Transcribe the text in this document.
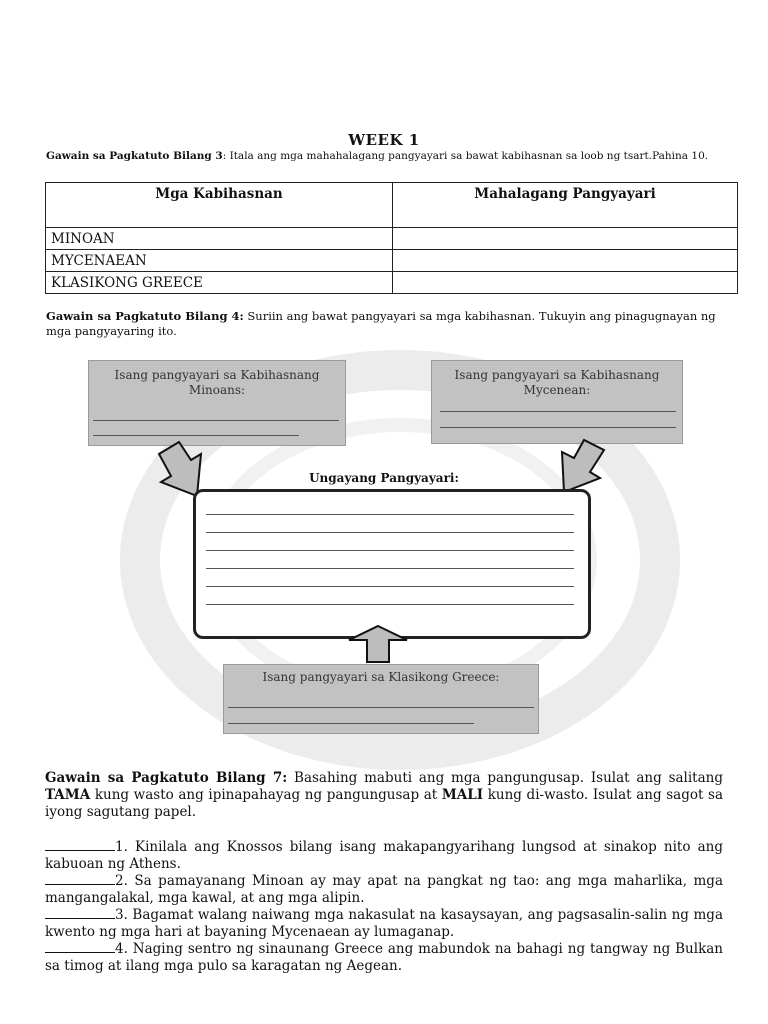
WEEK 1
Gawain sa Pagkatuto Bilang 3: Itala ang mga mahahalagang pangyayari sa bawat kabihasnan sa loob ng tsart.Pahina 10.
Mga Kabihasnan	Mahalagang Pangyayari
MINOAN	
MYCENAEAN	
KLASIKONG GREECE	
Gawain sa Pagkatuto Bilang 4: Suriin ang bawat pangyayari sa mga kabihasnan. Tukuyin ang pinagugnayan ng mga pangyayaring ito.
Isang pangyayari sa Kabihasnang Minoans:
Isang pangyayari sa Kabihasnang Mycenean:
Ungayang Pangyayari:
Isang pangyayari sa Klasikong Greece:
Gawain sa Pagkatuto Bilang 7: Basahing mabuti ang mga pangungusap. Isulat ang salitang TAMA kung wasto ang ipinapahayag ng pangungusap at MALI kung di-wasto. Isulat ang sagot sa iyong sagutang papel.
1. Kinilala ang Knossos bilang isang makapangyarihang lungsod at sinakop nito ang kabuoan ng Athens.
2. Sa pamayanang Minoan ay may apat na pangkat ng tao: ang mga maharlika, mga mangangalakal, mga kawal, at ang mga alipin.
3. Bagamat walang naiwang mga nakasulat na kasaysayan, ang pagsasalin-salin ng mga kwento ng mga hari at bayaning Mycenaean ay lumaganap.
4. Naging sentro ng sinaunang Greece ang mabundok na bahagi ng tangway ng Bulkan sa timog at ilang mga pulo sa karagatan ng Aegean.
